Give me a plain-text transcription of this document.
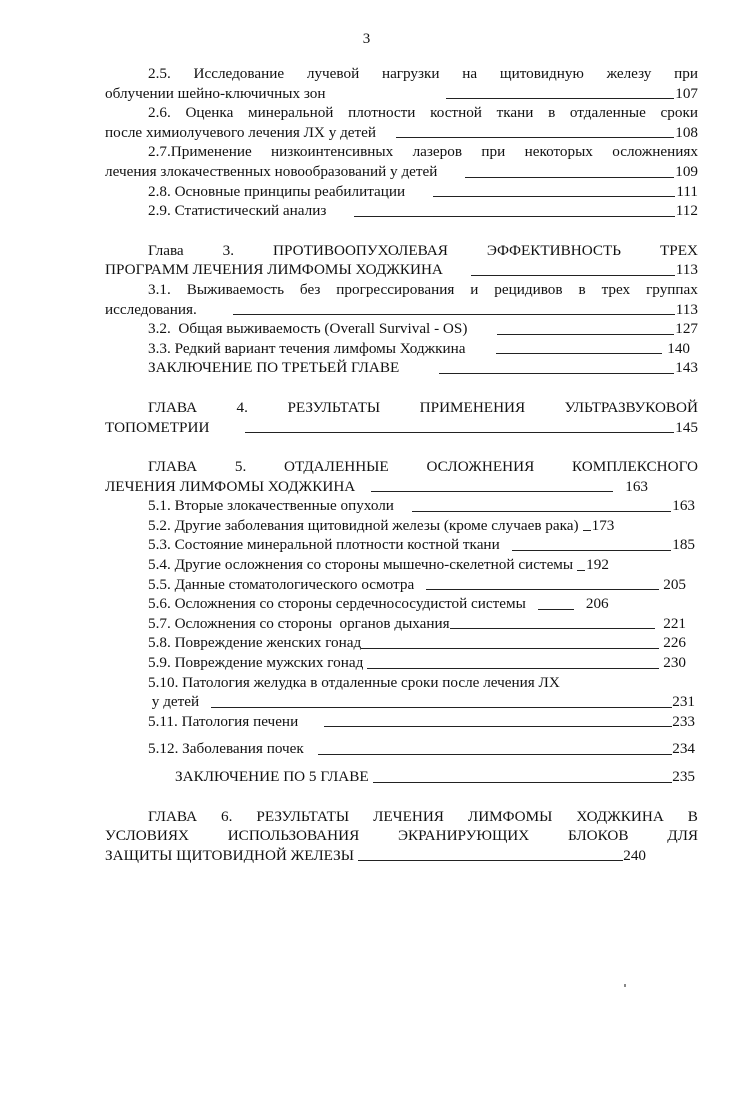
3
2.5. Исследование лучевой нагрузки на щитовидную железу при
облучении шейно-ключичных зон	107
2.6. Оценка минеральной плотности костной ткани в отдаленные сроки
после химиолучевого лечения ЛХ у детей	108
2.7.Применение низкоинтенсивных лазеров при некоторых осложнениях
лечения злокачественных новообразований у детей	109
2.8. Основные принципы реабилитации	111
2.9. Статистический анализ	112
Глава	3.	ПРОТИВООПУХОЛЕВАЯ	ЭФФЕКТИВНОСТЬ	ТРЕХ
ПРОГРАММ ЛЕЧЕНИЯ ЛИМФОМЫ ХОДЖКИНА	113
3.1. Выживаемость без прогрессирования и рецидивов в трех группах
исследования.	113
3.2.  Общая выживаемость (Overall Survival - OS)	127
3.3. Редкий вариант течения лимфомы Ходжкина	140
ЗАКЛЮЧЕНИЕ ПО ТРЕТЬЕЙ ГЛАВЕ	143
ГЛАВА	4.	РЕЗУЛЬТАТЫ	ПРИМЕНЕНИЯ	УЛЬТРАЗВУКОВОЙ
ТОПОМЕТРИИ	145
ГЛАВА 5. ОТДАЛЕННЫЕ ОСЛОЖНЕНИЯ КОМПЛЕКСНОГО
ЛЕЧЕНИЯ ЛИМФОМЫ ХОДЖКИНА	163
5.1. Вторые злокачественные опухоли	163
5.2. Другие заболевания щитовидной железы (кроме случаев рака) 173
5.3. Состояние минеральной плотности костной ткани	185
5.4. Другие осложнения со стороны мышечно-скелетной системы 192
5.5. Данные стоматологического осмотра	205
5.6. Осложнения со стороны сердечнососудистой системы	206
5.7. Осложнения со стороны  органов дыхания	221
5.8. Повреждение женских гонад	226
5.9. Повреждение мужских гонад	230
5.10. Патология желудка в отдаленные сроки после лечения ЛХ
у детей	231
5.11. Патология печени	233
5.12. Заболевания почек	234
ЗАКЛЮЧЕНИЕ ПО 5 ГЛАВЕ	235
ГЛАВА 6. РЕЗУЛЬТАТЫ ЛЕЧЕНИЯ ЛИМФОМЫ ХОДЖКИНА В
УСЛОВИЯХ	ИСПОЛЬЗОВАНИЯ	ЭКРАНИРУЮЩИХ	БЛОКОВ	ДЛЯ
ЗАЩИТЫ ЩИТОВИДНОЙ ЖЕЛЕЗЫ	240
